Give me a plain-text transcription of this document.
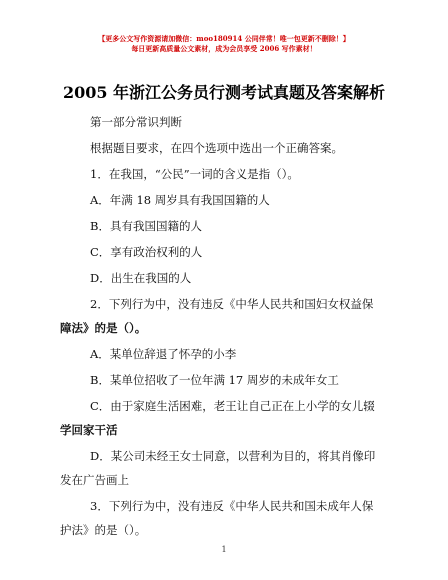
【更多公文写作资源请加微信：moo180914 公同伴常！唯一包更新不删除！】
每日更新高质量公文素材，成为会员享受 2006 写作素材！
2005 年浙江公务员行测考试真题及答案解析
第一部分常识判断
根据题目要求，在四个选项中选出一个正确答案。
1．在我国，“公民”一词的含义是指（）。
A．年满 18 周岁具有我国国籍的人
B．具有我国国籍的人
C．享有政治权利的人
D．出生在我国的人
2．下列行为中，没有违反《中华人民共和国妇女权益保
障法》的是（）。
A．某单位辞退了怀孕的小李
B．某单位招收了一位年满 17 周岁的未成年女工
C．由于家庭生活困难，老王让自己正在上小学的女儿辍
学回家干活
D．某公司未经王女士同意，以营利为目的，将其肖像印
发在广告画上
3．下列行为中，没有违反《中华人民共和国未成年人保
护法》的是（）。
1
